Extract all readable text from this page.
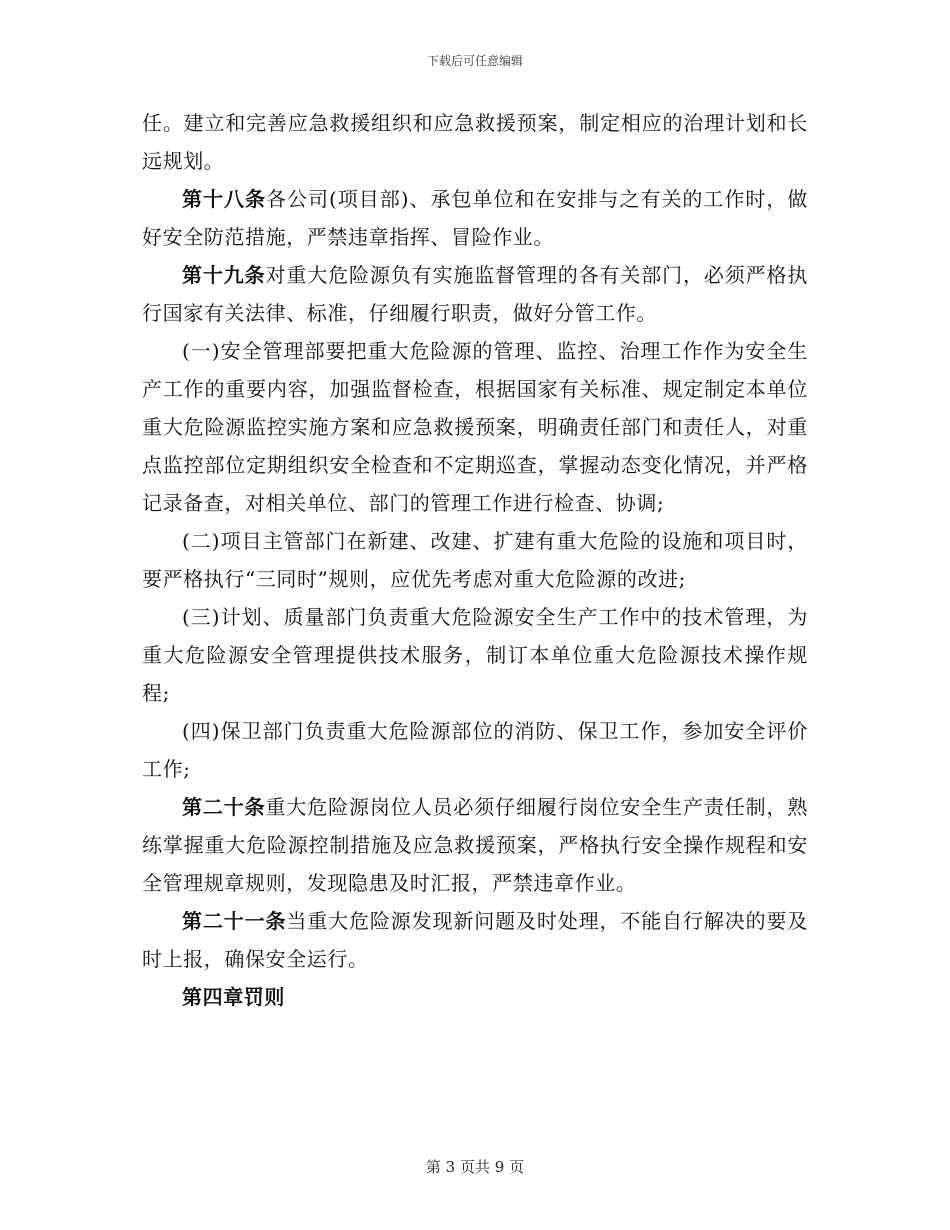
下载后可任意编辑

任。建立和完善应急救援组织和应急救援预案，制定相应的治理计划和长远规划。

第十八条各公司(项目部)、承包单位和在安排与之有关的工作时，做好安全防范措施，严禁违章指挥、冒险作业。

第十九条对重大危险源负有实施监督管理的各有关部门，必须严格执行国家有关法律、标准，仔细履行职责，做好分管工作。

(一)安全管理部要把重大危险源的管理、监控、治理工作作为安全生产工作的重要内容，加强监督检查，根据国家有关标准、规定制定本单位重大危险源监控实施方案和应急救援预案，明确责任部门和责任人，对重点监控部位定期组织安全检查和不定期巡查，掌握动态变化情况，并严格记录备查，对相关单位、部门的管理工作进行检查、协调;

(二)项目主管部门在新建、改建、扩建有重大危险的设施和项目时，要严格执行“三同时”规则，应优先考虑对重大危险源的改进;

(三)计划、质量部门负责重大危险源安全生产工作中的技术管理，为重大危险源安全管理提供技术服务，制订本单位重大危险源技术操作规程;

(四)保卫部门负责重大危险源部位的消防、保卫工作，参加安全评价工作;

第二十条重大危险源岗位人员必须仔细履行岗位安全生产责任制，熟练掌握重大危险源控制措施及应急救援预案，严格执行安全操作规程和安全管理规章规则，发现隐患及时汇报，严禁违章作业。

第二十一条当重大危险源发现新问题及时处理，不能自行解决的要及时上报，确保安全运行。

第四章罚则

第 3 页共 9 页
